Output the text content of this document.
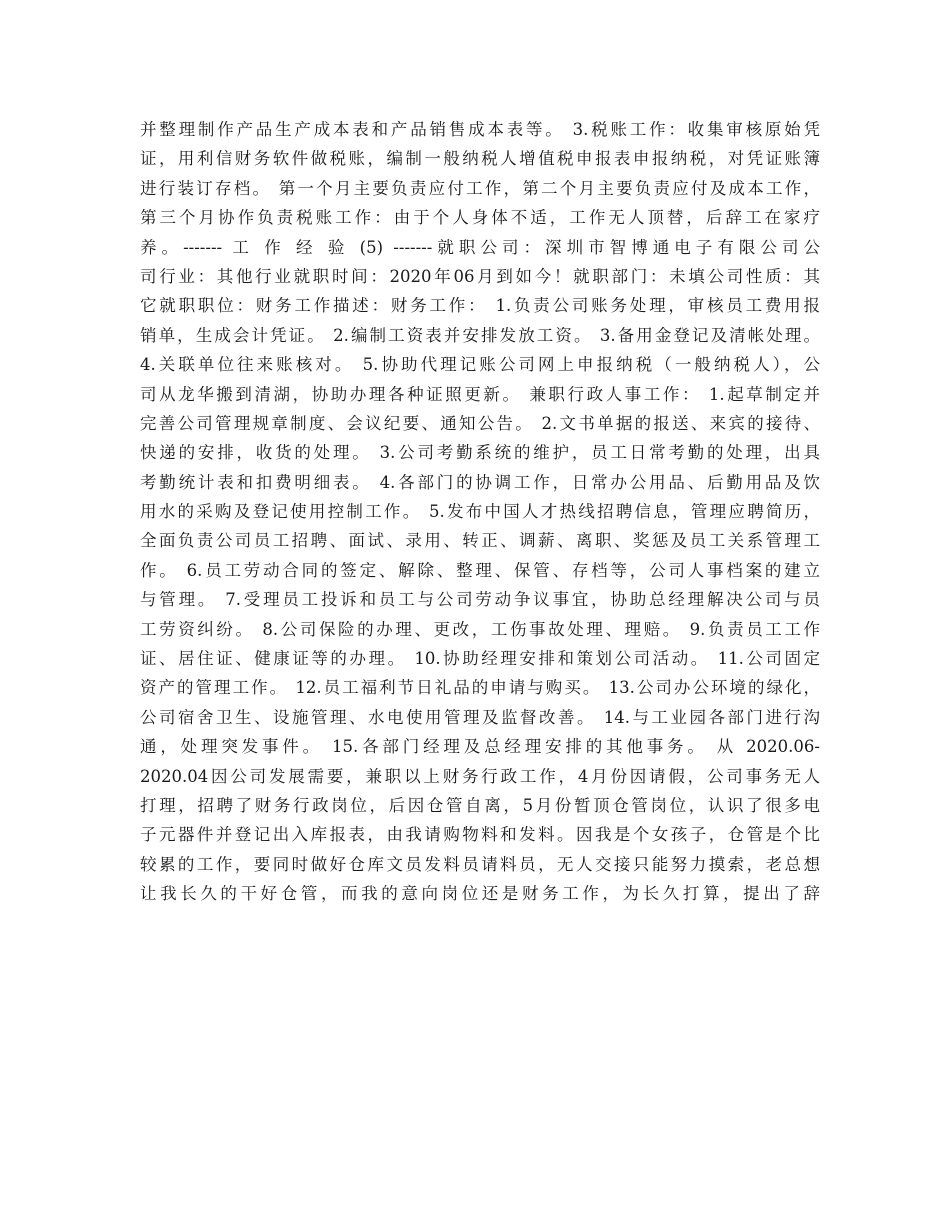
并整理制作产品生产成本表和产品销售成本表等。 3.税账工作：收集审核原始凭
证，用利信财务软件做税账，编制一般纳税人增值税申报表申报纳税，对凭证账簿
进行装订存档。 第一个月主要负责应付工作，第二个月主要负责应付及成本工作，
第三个月协作负责税账工作：由于个人身体不适，工作无人顶替，后辞工在家疗
养。------- 工 作 经 验 (5) -------就职公司：深圳市智博通电子有限公司公
司行业：其他行业就职时间：2020年06月到如今！就职部门：未填公司性质：其
它就职职位：财务工作描述：财务工作： 1.负责公司账务处理，审核员工费用报
销单，生成会计凭证。 2.编制工资表并安排发放工资。 3.备用金登记及清帐处理。
4.关联单位往来账核对。 5.协助代理记账公司网上申报纳税（一般纳税人），公
司从龙华搬到清湖，协助办理各种证照更新。 兼职行政人事工作： 1.起草制定并
完善公司管理规章制度、会议纪要、通知公告。 2.文书单据的报送、来宾的接待、
快递的安排，收货的处理。 3.公司考勤系统的维护，员工日常考勤的处理，出具
考勤统计表和扣费明细表。 4.各部门的协调工作，日常办公用品、后勤用品及饮
用水的采购及登记使用控制工作。 5.发布中国人才热线招聘信息，管理应聘简历，
全面负责公司员工招聘、面试、录用、转正、调薪、离职、奖惩及员工关系管理工
作。 6.员工劳动合同的签定、解除、整理、保管、存档等，公司人事档案的建立
与管理。 7.受理员工投诉和员工与公司劳动争议事宜，协助总经理解决公司与员
工劳资纠纷。 8.公司保险的办理、更改，工伤事故处理、理赔。 9.负责员工工作
证、居住证、健康证等的办理。 10.协助经理安排和策划公司活动。 11.公司固定
资产的管理工作。 12.员工福利节日礼品的申请与购买。 13.公司办公环境的绿化，
公司宿舍卫生、设施管理、水电使用管理及监督改善。 14.与工业园各部门进行沟
通，处理突发事件。 15.各部门经理及总经理安排的其他事务。 从 2020.06-
2020.04因公司发展需要，兼职以上财务行政工作，4月份因请假，公司事务无人
打理，招聘了财务行政岗位，后因仓管自离，5月份暂顶仓管岗位，认识了很多电
子元器件并登记出入库报表，由我请购物料和发料。因我是个女孩子，仓管是个比
较累的工作，要同时做好仓库文员发料员请料员，无人交接只能努力摸索，老总想
让我长久的干好仓管，而我的意向岗位还是财务工作，为长久打算，提出了辞
